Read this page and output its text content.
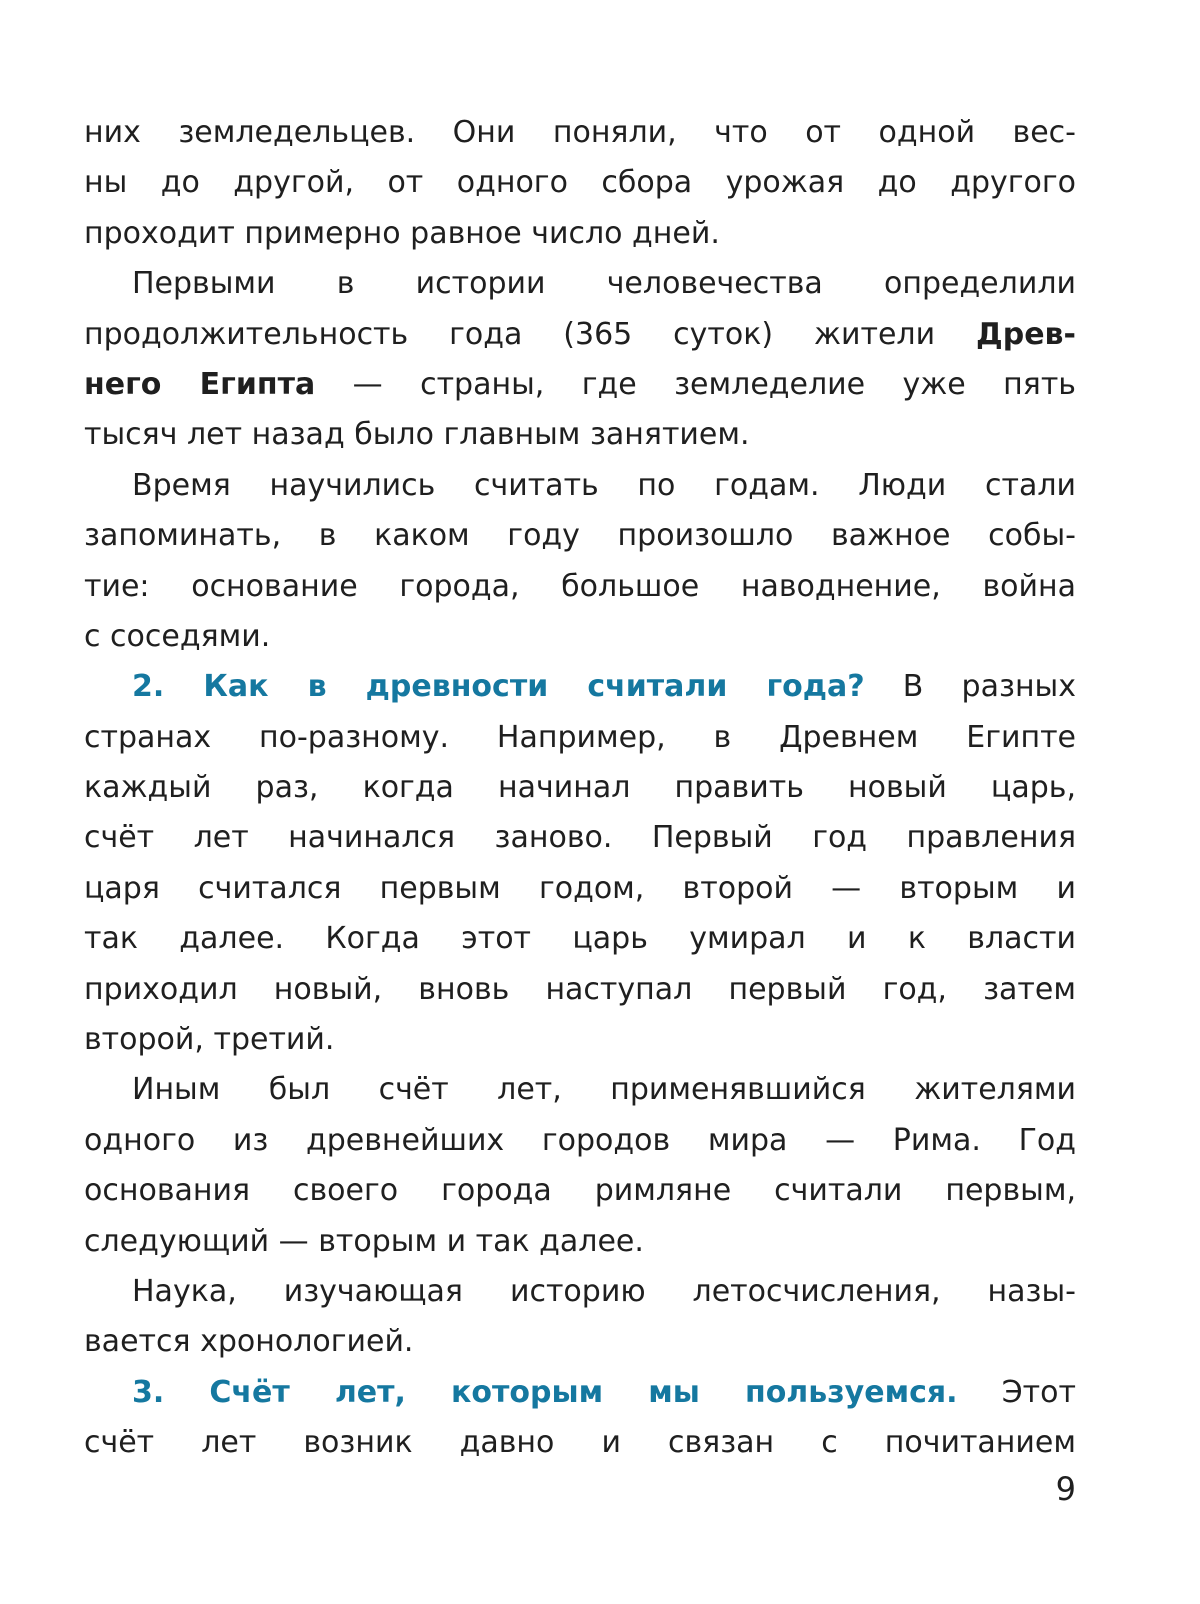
них земледельцев. Они поняли, что от одной вес-
ны до другой, от одного сбора урожая до другого
проходит примерно равное число дней.
Первыми в истории человечества определили
продолжительность года (365 суток) жители Древ-
него Египта — страны, где земледелие уже пять
тысяч лет назад было главным занятием.
Время научились считать по годам. Люди стали
запоминать, в каком году произошло важное собы-
тие: основание города, большое наводнение, война
с соседями.
2. Как в древности считали года? В разных
странах по-разному. Например, в Древнем Египте
каждый раз, когда начинал править новый царь,
счёт лет начинался заново. Первый год правления
царя считался первым годом, второй — вторым и
так далее. Когда этот царь умирал и к власти
приходил новый, вновь наступал первый год, затем
второй, третий.
Иным был счёт лет, применявшийся жителями
одного из древнейших городов мира — Рима. Год
основания своего города римляне считали первым,
следующий — вторым и так далее.
Наука, изучающая историю летосчисления, назы-
вается хронологией.
3. Счёт лет, которым мы пользуемся. Этот
счёт лет возник давно и связан с почитанием
9
